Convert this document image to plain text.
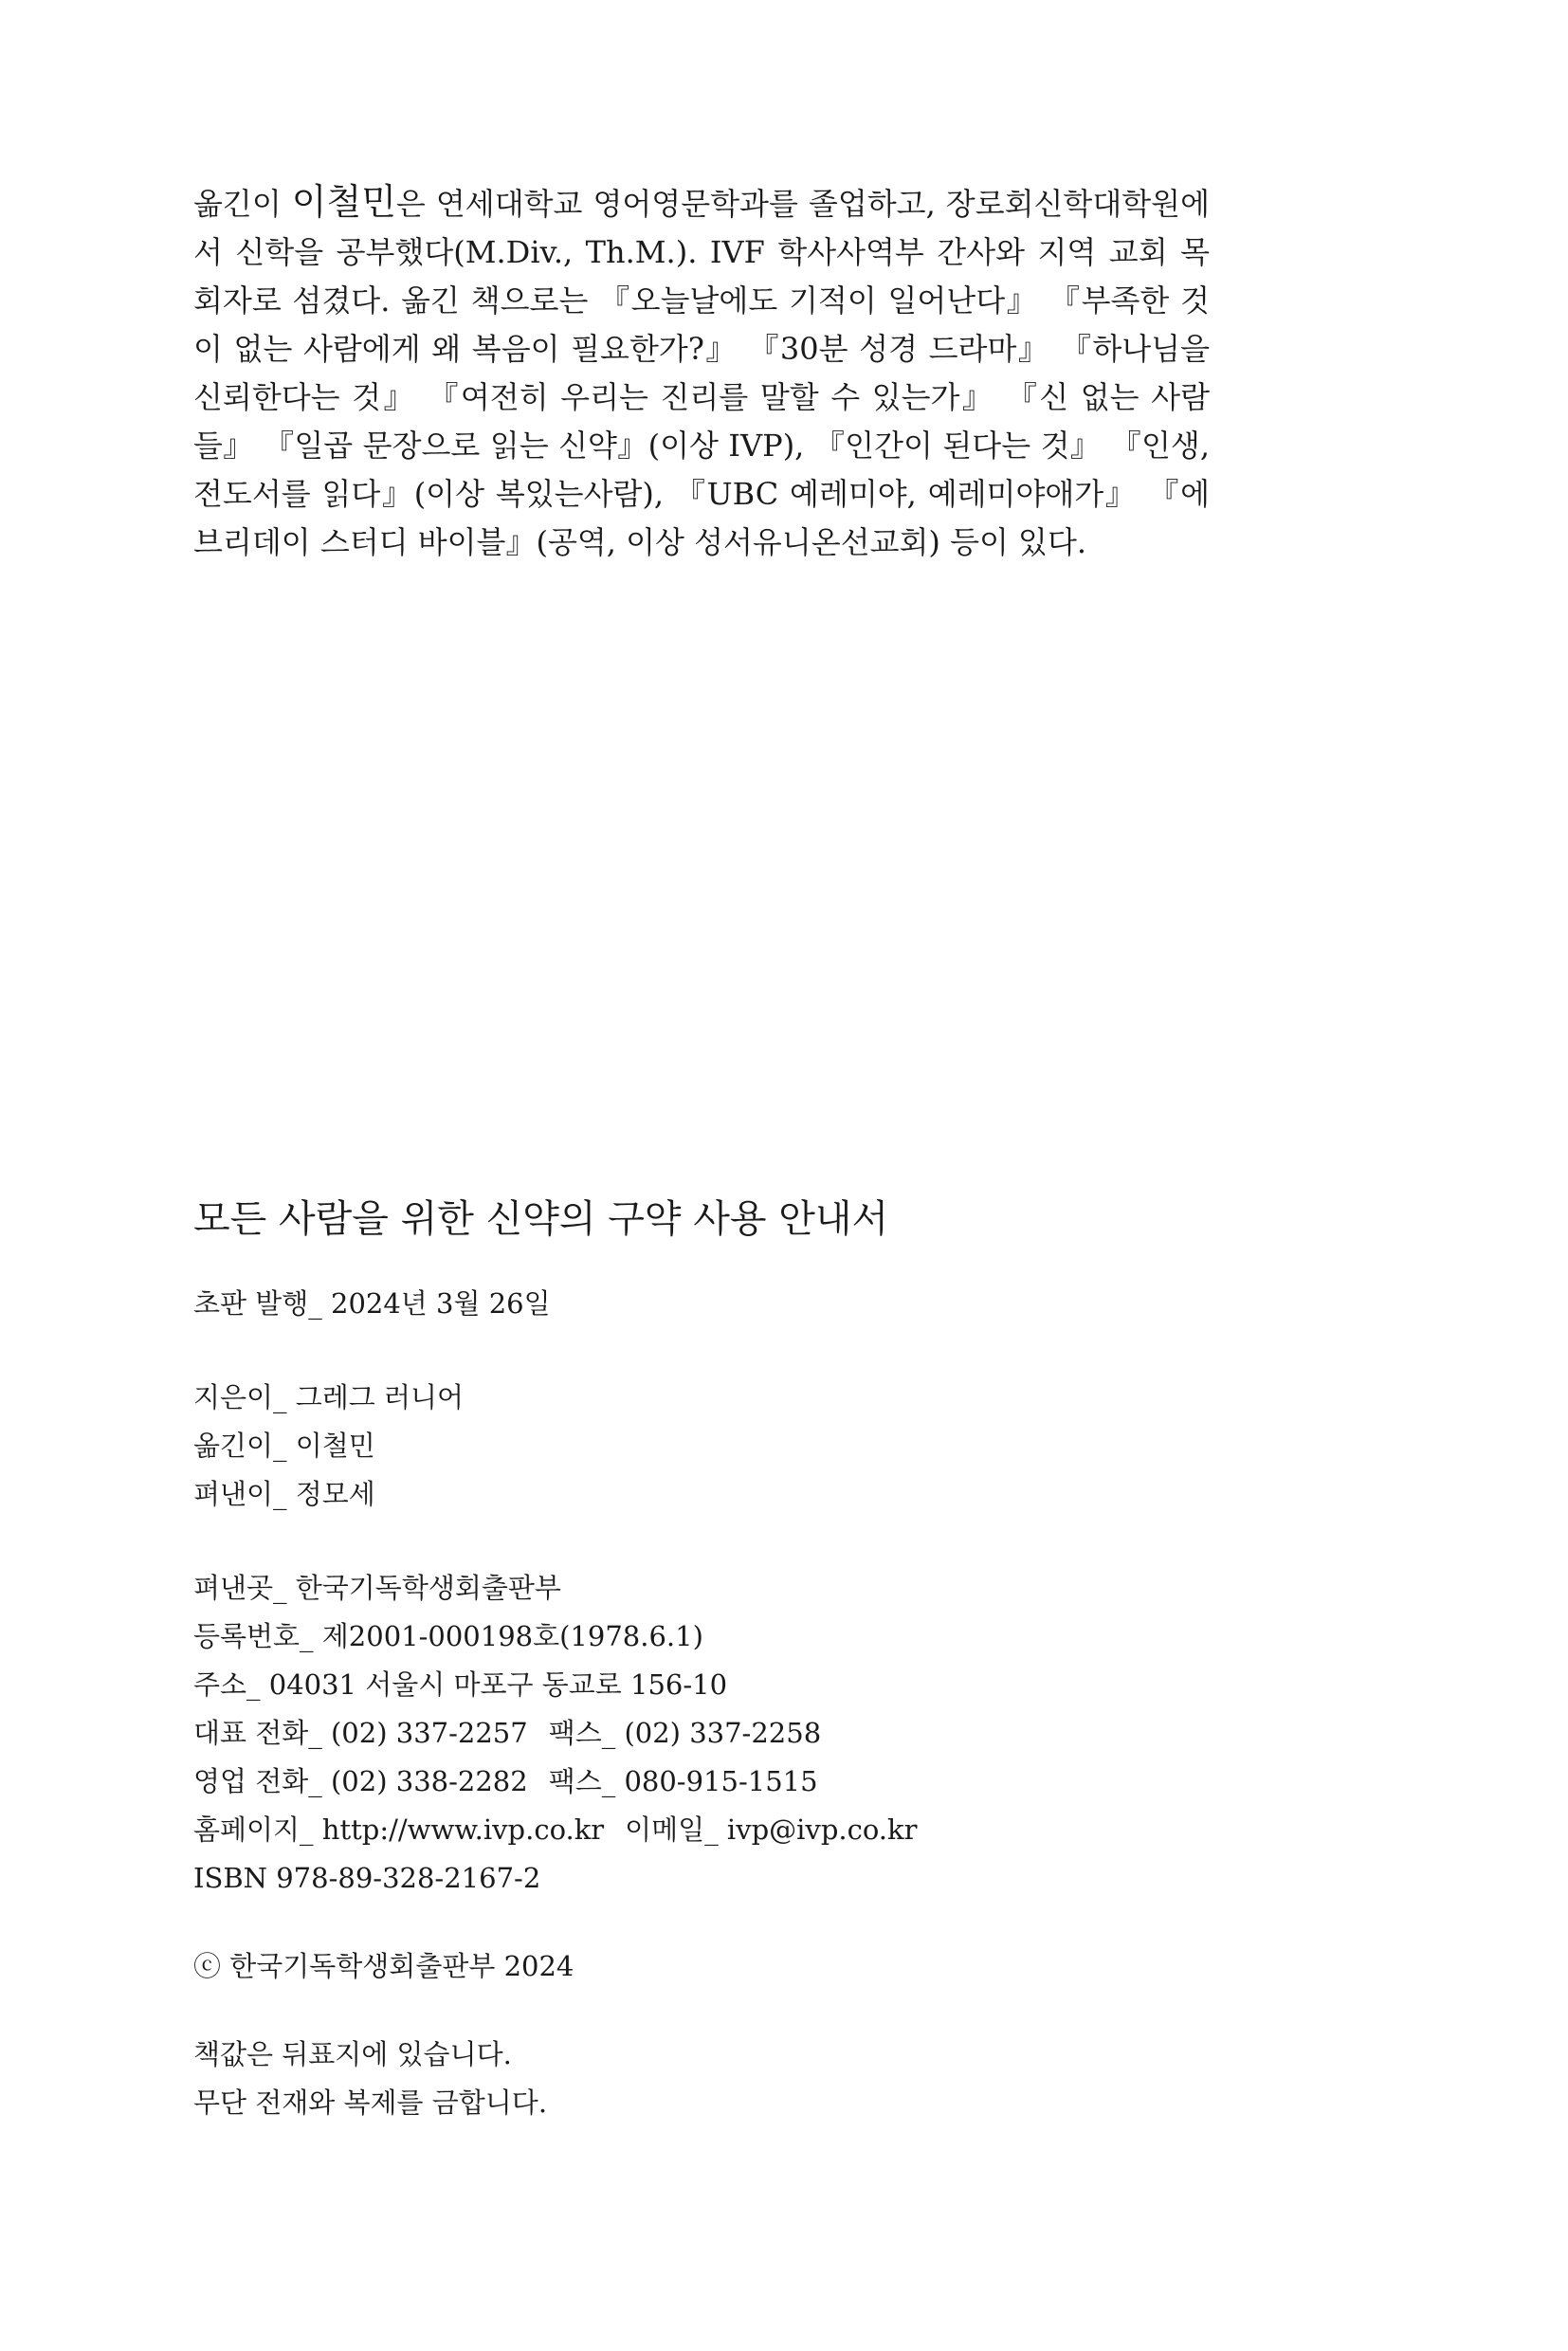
옮긴이 이철민은 연세대학교 영어영문학과를 졸업하고, 장로회신학대학원에서 신학을 공부했다(M.Div., Th.M.). IVF 학사사역부 간사와 지역 교회 목회자로 섬겼다. 옮긴 책으로는 『오늘날에도 기적이 일어난다』 『부족한 것이 없는 사람에게 왜 복음이 필요한가?』 『30분 성경 드라마』 『하나님을 신뢰한다는 것』 『여전히 우리는 진리를 말할 수 있는가』 『신 없는 사람들』 『일곱 문장으로 읽는 신약』(이상 IVP), 『인간이 된다는 것』 『인생, 전도서를 읽다』(이상 복있는사람), 『UBC 예레미야, 예레미야애가』 『에브리데이 스터디 바이블』(공역, 이상 성서유니온선교회) 등이 있다.

모든 사람을 위한 신약의 구약 사용 안내서
초판 발행_ 2024년 3월 26일
지은이_ 그레그 러니어
옮긴이_ 이철민
펴낸이_ 정모세
펴낸곳_ 한국기독학생회출판부
등록번호_ 제2001-000198호(1978.6.1)
주소_ 04031 서울시 마포구 동교로 156-10
대표 전화_ (02) 337-2257 팩스_ (02) 337-2258
영업 전화_ (02) 338-2282 팩스_ 080-915-1515
홈페이지_ http://www.ivp.co.kr 이메일_ ivp@ivp.co.kr
ISBN 978-89-328-2167-2
ⓒ 한국기독학생회출판부 2024
책값은 뒤표지에 있습니다.
무단 전재와 복제를 금합니다.
